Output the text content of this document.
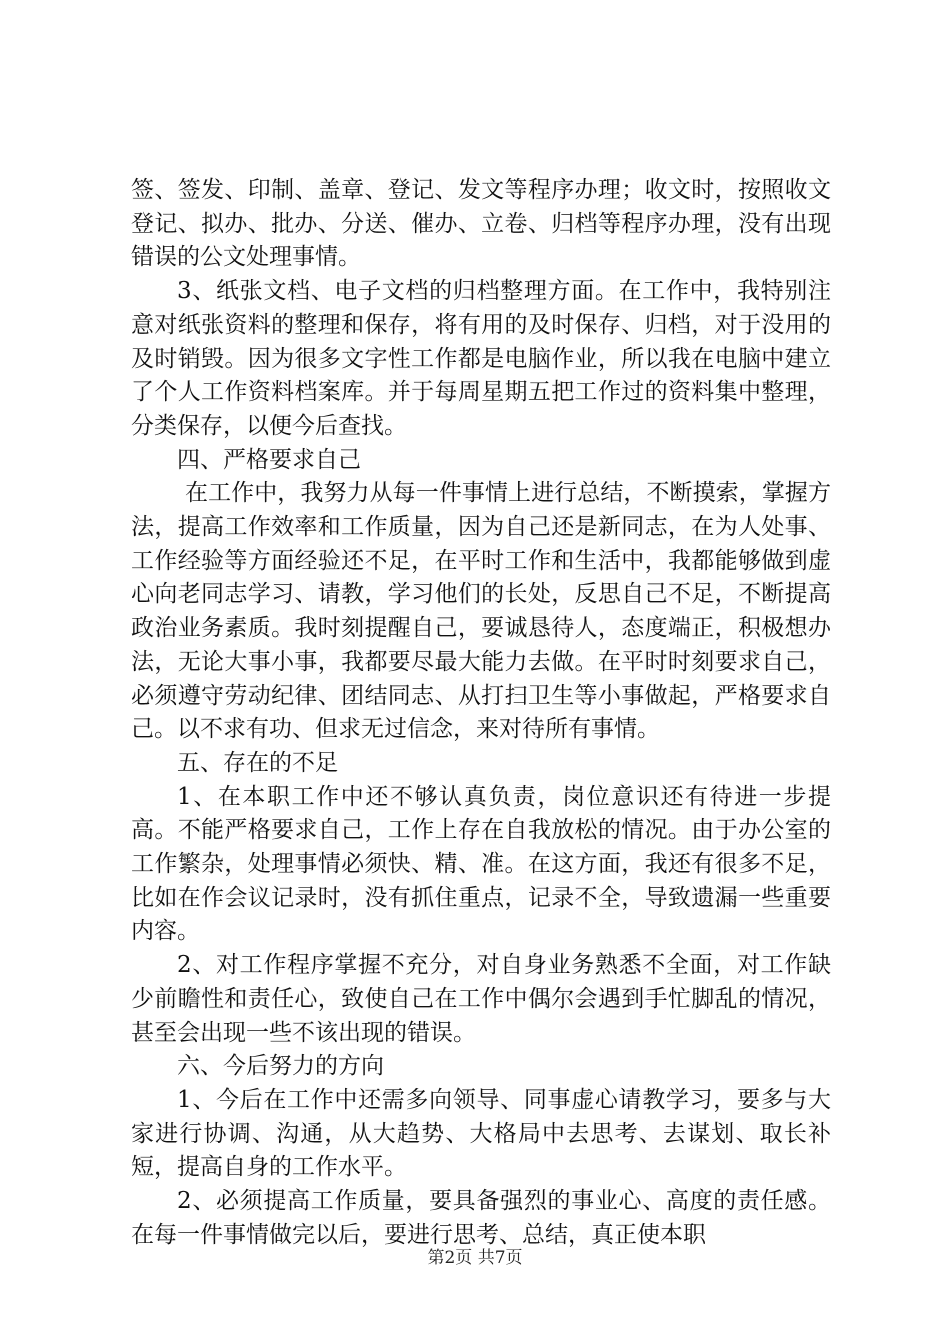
签、签发、印制、盖章、登记、发文等程序办理；收文时，按照收文登记、拟办、批办、分送、催办、立卷、归档等程序办理，没有出现错误的公文处理事情。

3、纸张文档、电子文档的归档整理方面。在工作中，我特别注意对纸张资料的整理和保存，将有用的及时保存、归档，对于没用的及时销毁。因为很多文字性工作都是电脑作业，所以我在电脑中建立了个人工作资料档案库。并于每周星期五把工作过的资料集中整理，分类保存，以便今后查找。

四、严格要求自己

在工作中，我努力从每一件事情上进行总结，不断摸索，掌握方法，提高工作效率和工作质量，因为自己还是新同志，在为人处事、工作经验等方面经验还不足，在平时工作和生活中，我都能够做到虚心向老同志学习、请教，学习他们的长处，反思自己不足，不断提高政治业务素质。我时刻提醒自己，要诚恳待人，态度端正，积极想办法，无论大事小事，我都要尽最大能力去做。在平时时刻要求自己，必须遵守劳动纪律、团结同志、从打扫卫生等小事做起，严格要求自己。以不求有功、但求无过信念，来对待所有事情。

五、存在的不足

1、在本职工作中还不够认真负责，岗位意识还有待进一步提高。不能严格要求自己，工作上存在自我放松的情况。由于办公室的工作繁杂，处理事情必须快、精、准。在这方面，我还有很多不足，比如在作会议记录时，没有抓住重点，记录不全，导致遗漏一些重要内容。

2、对工作程序掌握不充分，对自身业务熟悉不全面，对工作缺少前瞻性和责任心，致使自己在工作中偶尔会遇到手忙脚乱的情况，甚至会出现一些不该出现的错误。

六、今后努力的方向

1、今后在工作中还需多向领导、同事虚心请教学习，要多与大家进行协调、沟通，从大趋势、大格局中去思考、去谋划、取长补短，提高自身的工作水平。

2、必须提高工作质量，要具备强烈的事业心、高度的责任感。在每一件事情做完以后，要进行思考、总结，真正使本职

第2页 共7页
